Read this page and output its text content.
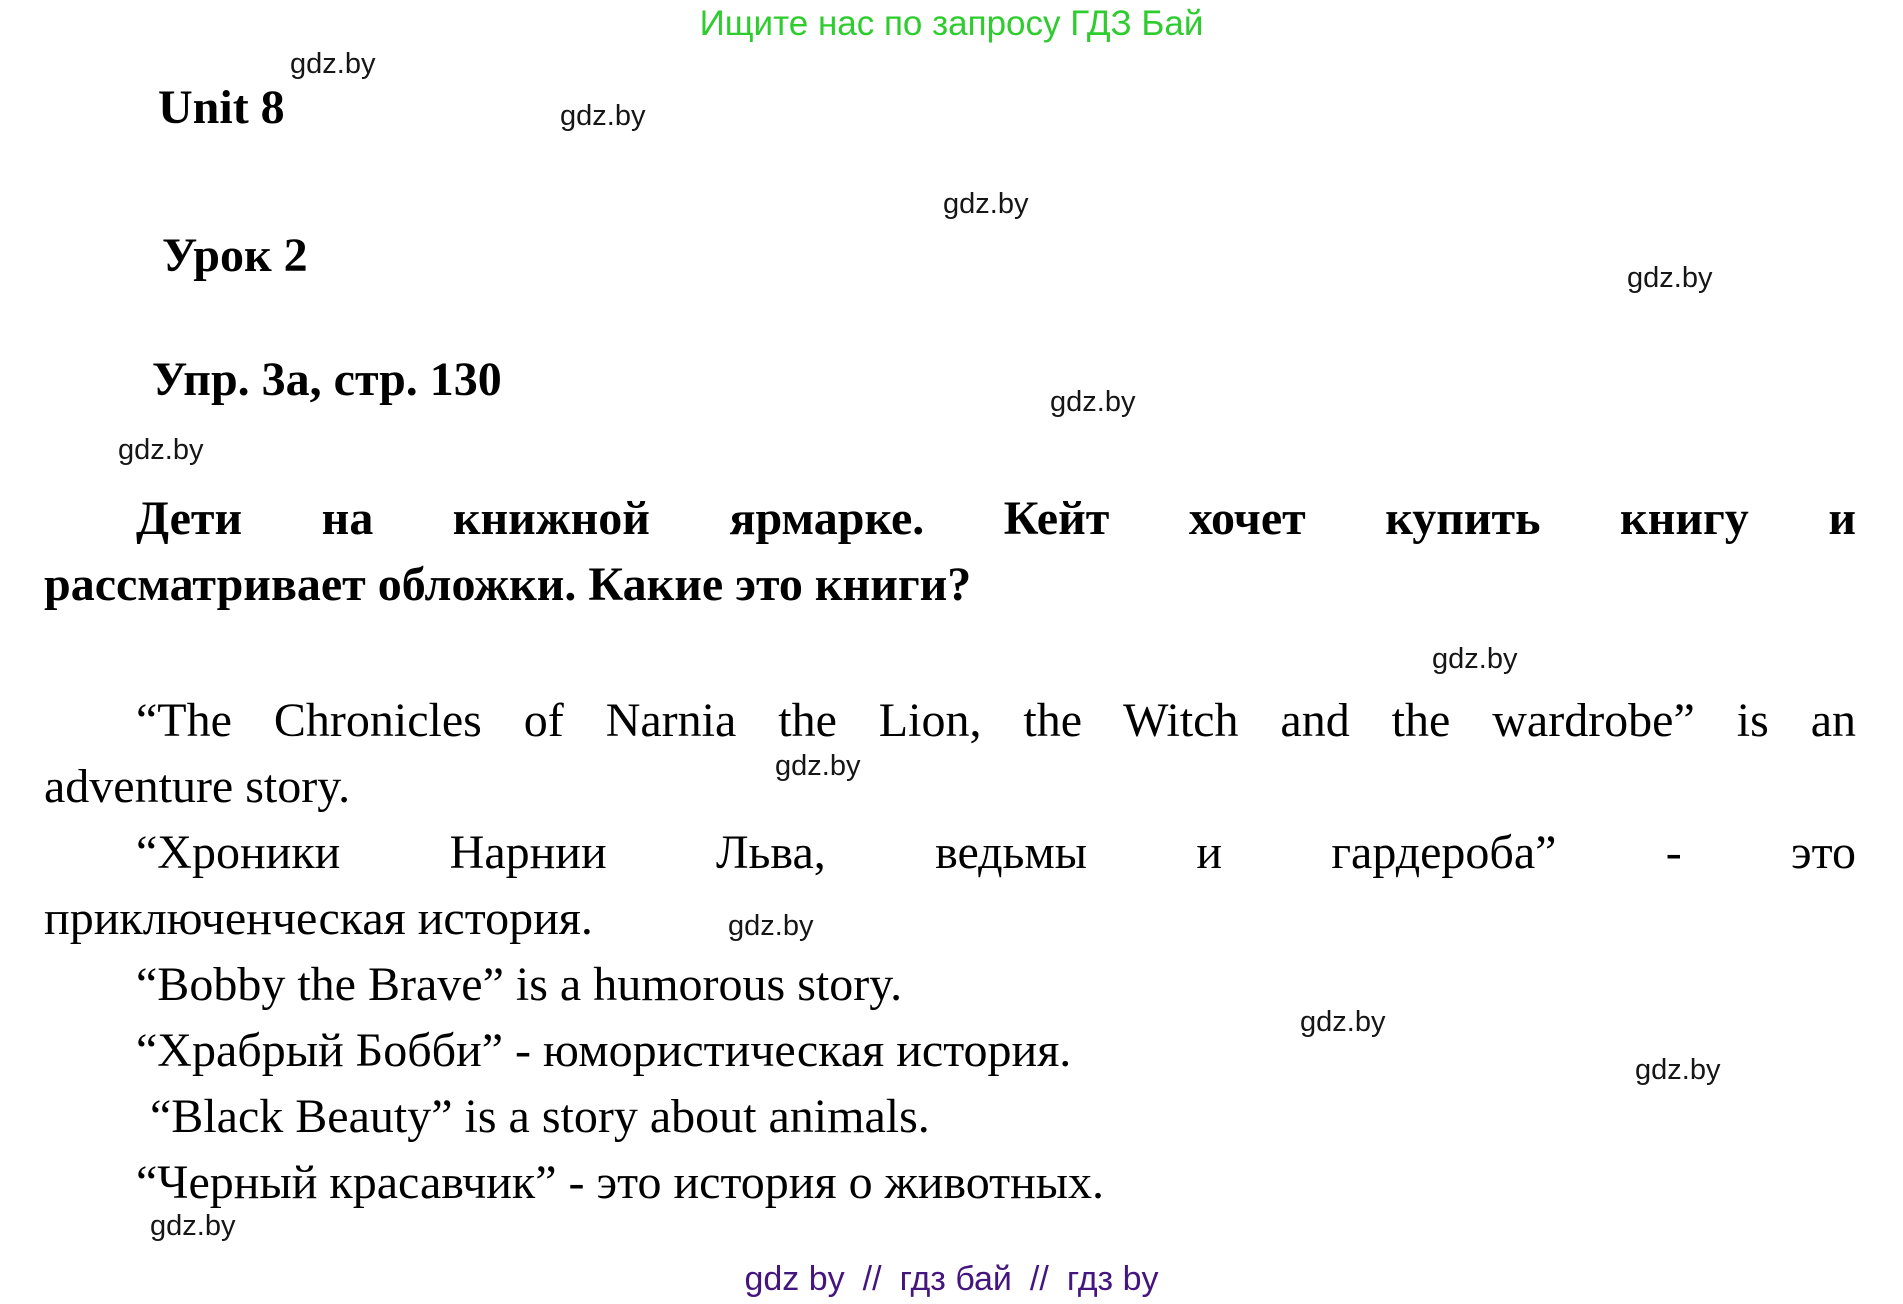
Ищите нас по запросу ГДЗ Бай
gdz.by
gdz.by
gdz.by
gdz.by
gdz.by
gdz.by
gdz.by
gdz.by
gdz.by
gdz.by
gdz.by
gdz.by
Unit 8
Урок 2
Упр. 3а, стр. 130
Дети на книжной ярмарке. Кейт хочет купить книгу и
рассматривает обложки. Какие это книги?
“The Chronicles of Narnia the Lion, the Witch and the wardrobe” is an
adventure story.
“Хроники Нарнии Льва, ведьмы и гардероба” - это
приключенческая история.
“Bobby the Brave” is a humorous story.
“Храбрый Бобби” - юмористическая история.
“Black Beauty” is a story about animals.
“Черный красавчик” - это история о животных.
gdz by // гдз бай // гдз by
